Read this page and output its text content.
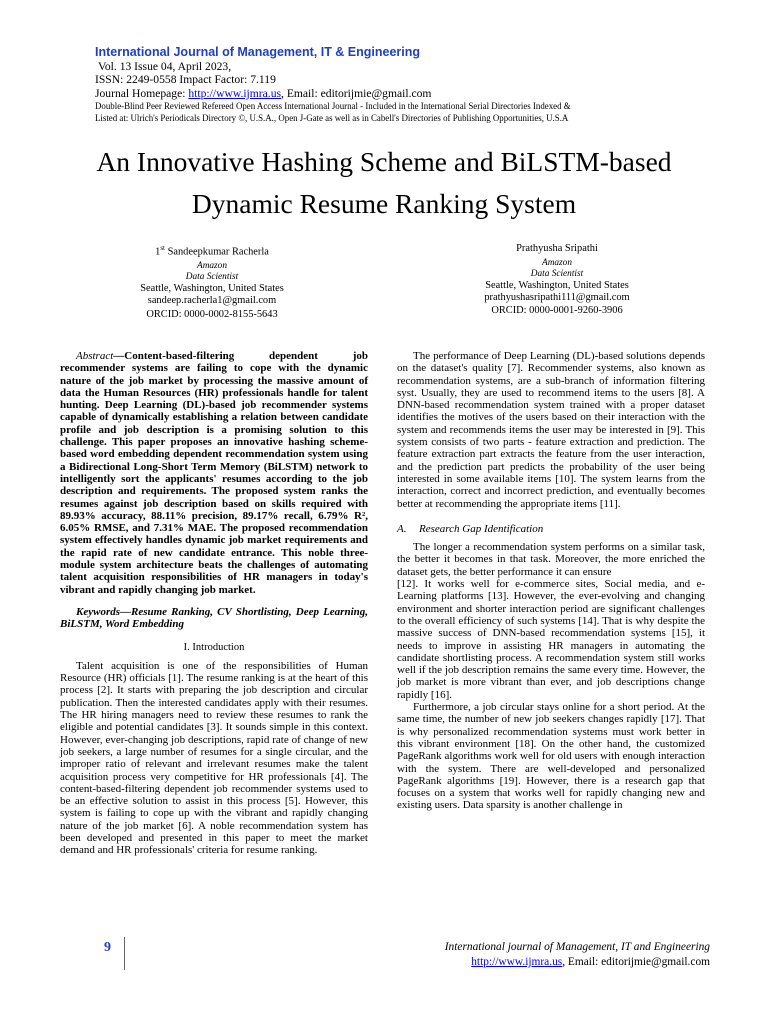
International Journal of Management, IT & Engineering
Vol. 13 Issue 04, April 2023,
ISSN: 2249-0558 Impact Factor: 7.119
Journal Homepage: http://www.ijmra.us, Email: editorijmie@gmail.com
Double-Blind Peer Reviewed Refereed Open Access International Journal - Included in the International Serial Directories Indexed &
Listed at: Ulrich's Periodicals Directory ©, U.S.A., Open J-Gate as well as in Cabell's Directories of Publishing Opportunities, U.S.A
An Innovative Hashing Scheme and BiLSTM-based
Dynamic Resume Ranking System
1st Sandeepkumar Racherla
Amazon
Data Scientist
Seattle, Washington, United States
sandeep.racherla1@gmail.com
ORCID: 0000-0002-8155-5643
Prathyusha Sripathi
Amazon
Data Scientist
Seattle, Washington, United States
prathyushasripathi111@gmail.com
ORCID: 0000-0001-9260-3906

Abstract—Content-based-filtering dependent job recommender systems are failing to cope with the dynamic nature of the job market by processing the massive amount of data the Human Resources (HR) professionals handle for talent hunting. Deep Learning (DL)-based job recommender systems capable of dynamically establishing a relation between candidate profile and job description is a promising solution to this challenge. This paper proposes an innovative hashing scheme-based word embedding dependent recommendation system using a Bidirectional Long-Short Term Memory (BiLSTM) network to intelligently sort the applicants' resumes according to the job description and requirements. The proposed system ranks the resumes against job description based on skills required with 89.93% accuracy, 88.11% precision, 89.17% recall, 6.79% R², 6.05% RMSE, and 7.31% MAE. The proposed recommendation system effectively handles dynamic job market requirements and the rapid rate of new candidate entrance. This noble three-module system architecture beats the challenges of automating talent acquisition responsibilities of HR managers in today's vibrant and rapidly changing job market.

Keywords—Resume Ranking, CV Shortlisting, Deep Learning, BiLSTM, Word Embedding

I. Introduction

Talent acquisition is one of the responsibilities of Human Resource (HR) officials [1]. The resume ranking is at the heart of this process [2]. It starts with preparing the job description and circular publication. Then the interested candidates apply with their resumes. The HR hiring managers need to review these resumes to rank the eligible and potential candidates [3]. It sounds simple in this context. However, ever-changing job descriptions, rapid rate of change of new job seekers, a large number of resumes for a single circular, and the improper ratio of relevant and irrelevant resumes make the talent acquisition process very competitive for HR professionals [4]. The content-based-filtering dependent job recommender systems used to be an effective solution to assist in this process [5]. However, this system is failing to cope up with the vibrant and rapidly changing nature of the job market [6]. A noble recommendation system has been developed and presented in this paper to meet the market demand and HR professionals' criteria for resume ranking.

The performance of Deep Learning (DL)-based solutions depends on the dataset's quality [7]. Recommender systems, also known as recommendation systems, are a sub-branch of information filtering syst. Usually, they are used to recommend items to the users [8]. A DNN-based recommendation system trained with a proper dataset identifies the motives of the users based on their interaction with the system and recommends items the user may be interested in [9]. This system consists of two parts - feature extraction and prediction. The feature extraction part extracts the feature from the user interaction, and the prediction part predicts the probability of the user being interested in some available items [10]. The system learns from the interaction, correct and incorrect prediction, and eventually becomes better at recommending the appropriate items [11].

A. Research Gap Identification

The longer a recommendation system performs on a similar task, the better it becomes in that task. Moreover, the more enriched the dataset gets, the better performance it can ensure

[12]. It works well for e-commerce sites, Social media, and e-Learning platforms [13]. However, the ever-evolving and changing environment and shorter interaction period are significant challenges to the overall efficiency of such systems [14]. That is why despite the massive success of DNN-based recommendation systems [15], it needs to improve in assisting HR managers in automating the candidate shortlisting process. A recommendation system still works well if the job description remains the same every time. However, the job market is more vibrant than ever, and job descriptions change rapidly [16].

Furthermore, a job circular stays online for a short period. At the same time, the number of new job seekers changes rapidly [17]. That is why personalized recommendation systems must work better in this vibrant environment [18]. On the other hand, the customized PageRank algorithms work well for old users with enough interaction with the system. There are well-developed and personalized PageRank algorithms [19]. However, there is a research gap that focuses on a system that works well for rapidly changing new and existing users. Data sparsity is another challenge in

9	International journal of Management, IT and Engineering
http://www.ijmra.us, Email: editorijmie@gmail.com
